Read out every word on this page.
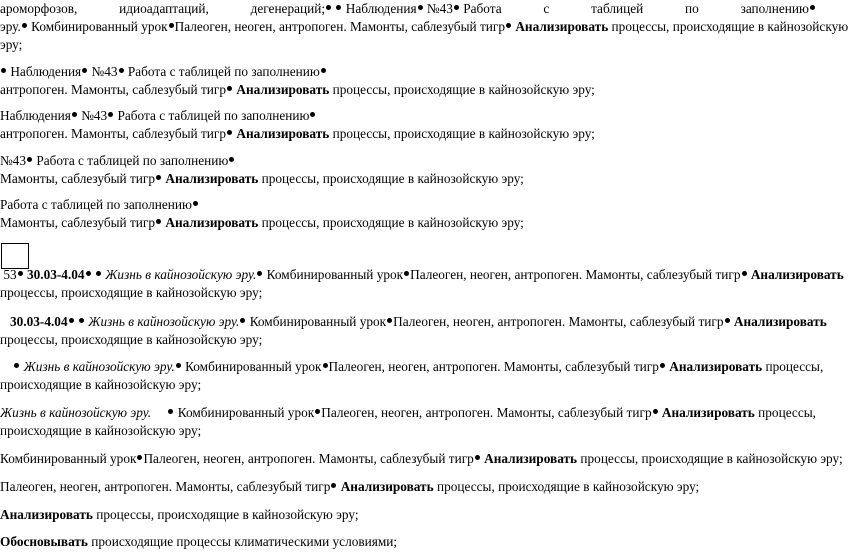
ароморфозов,	идиоадаптаций,	дегенераций; Наблюдения №43 Работа	с	таблицей	по	заполнению
эру. Комбинированный урок Палеоген, неоген, антропоген. Мамонты, саблезубый тигр Анализировать процессы, происходящие в кайнозойскую
эру;
Наблюдения №43 Работа с таблицей по заполнению
антропоген. Мамонты, саблезубый тигр Анализировать процессы, происходящие в кайнозойскую эру;
Наблюдения №43 Работа с таблицей по заполнению
антропоген. Мамонты, саблезубый тигр Анализировать процессы, происходящие в кайнозойскую эру;
№43 Работа с таблицей по заполнению
Мамонты, саблезубый тигр Анализировать процессы, происходящие в кайнозойскую эру;
Работа с таблицей по заполнению
Мамонты, саблезубый тигр Анализировать процессы, происходящие в кайнозойскую эру;
53 30.03-4.04 Жизнь в кайнозойскую эру. Комбинированный урок Палеоген, неоген, антропоген. Мамонты, саблезубый тигр Анализировать
процессы, происходящие в кайнозойскую эру;
30.03-4.04 Жизнь в кайнозойскую эру. Комбинированный урок Палеоген, неоген, антропоген. Мамонты, саблезубый тигр Анализировать
процессы, происходящие в кайнозойскую эру;
Жизнь в кайнозойскую эру. Комбинированный урок Палеоген, неоген, антропоген. Мамонты, саблезубый тигр Анализировать процессы,
происходящие в кайнозойскую эру;
Жизнь в кайнозойскую эру.	Комбинированный урок Палеоген, неоген, антропоген. Мамонты, саблезубый тигр Анализировать процессы,
происходящие в кайнозойскую эру;
Комбинированный урок Палеоген, неоген, антропоген. Мамонты, саблезубый тигр Анализировать процессы, происходящие в кайнозойскую эру;
Палеоген, неоген, антропоген. Мамонты, саблезубый тигр Анализировать процессы, происходящие в кайнозойскую эру;
Анализировать процессы, происходящие в кайнозойскую эру;
Обосновывать происходящие процессы климатическими условиями;
